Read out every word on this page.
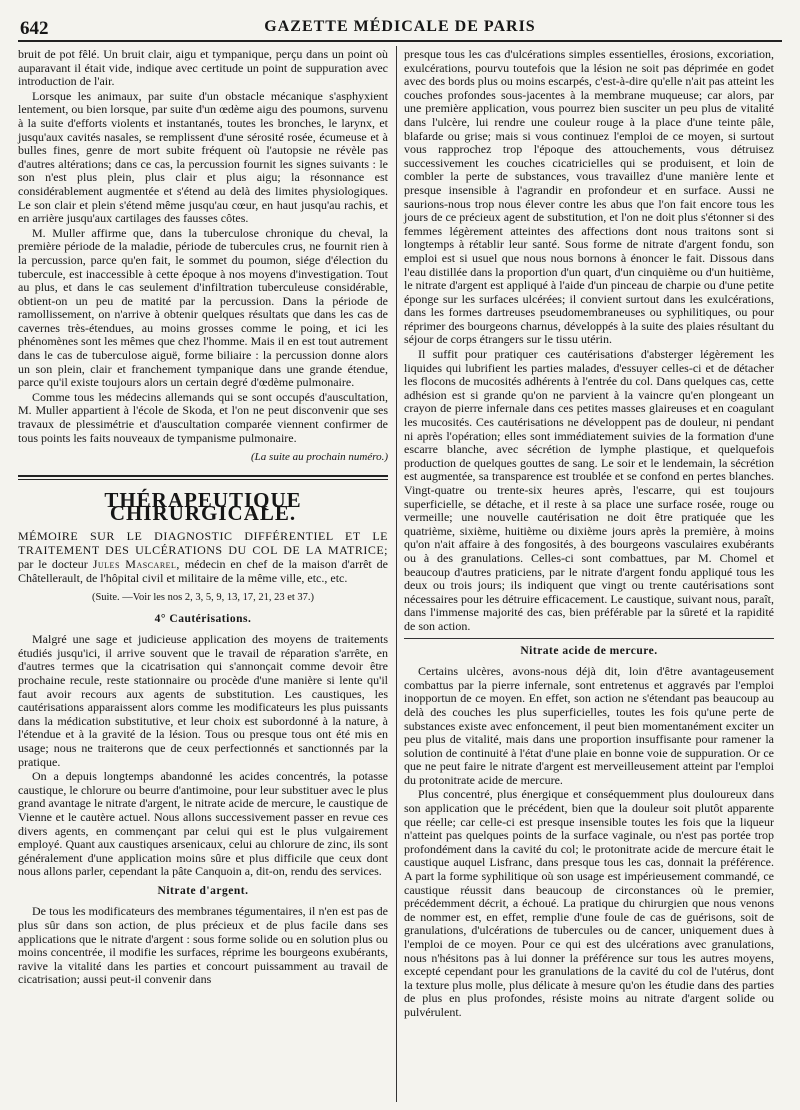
642	GAZETTE MÉDICALE DE PARIS

bruit de pot fêlé. Un bruit clair, aigu et tympanique, perçu dans un point où auparavant il était vide, indique avec certitude un point de suppuration avec introduction de l'air.

Lorsque les animaux, par suite d'un obstacle mécanique s'asphyxient lentement, ou bien lorsque, par suite d'un œdème aigu des poumons, survenu à la suite d'efforts violents et instantanés, toutes les bronches, le larynx, et jusqu'aux cavités nasales, se remplissent d'une sérosité rosée, écumeuse et à bulles fines, genre de mort subite fréquent où l'autopsie ne révèle pas d'autres altérations; dans ce cas, la percussion fournit les signes suivants : le son n'est plus plein, plus clair et plus aigu; la résonnance est considérablement augmentée et s'étend au delà des limites physiologiques. Le son clair et plein s'étend même jusqu'au cœur, en haut jusqu'au rachis, et en arrière jusqu'aux cartilages des fausses côtes.

M. Muller affirme que, dans la tuberculose chronique du cheval, la première période de la maladie, période de tubercules crus, ne fournit rien à la percussion, parce qu'en fait, le sommet du poumon, siége d'élection du tubercule, est inaccessible à cette époque à nos moyens d'investigation. Tout au plus, et dans le cas seulement d'infiltration tuberculeuse considérable, obtient-on un peu de matité par la percussion. Dans la période de ramollissement, on n'arrive à obtenir quelques résultats que dans les cas de cavernes très-étendues, au moins grosses comme le poing, et ici les phénomènes sont les mêmes que chez l'homme. Mais il en est tout autrement dans le cas de tuberculose aiguë, forme biliaire : la percussion donne alors un son plein, clair et franchement tympanique dans une grande étendue, parce qu'il existe toujours alors un certain degré d'œdème pulmonaire.

Comme tous les médecins allemands qui se sont occupés d'auscultation, M. Muller appartient à l'école de Skoda, et l'on ne peut disconvenir que ses travaux de plessimétrie et d'auscultation comparée viennent confirmer de tous points les faits nouveaux de tympanisme pulmonaire.

(La suite au prochain numéro.)
THÉRAPEUTIQUE CHIRURGICALE.

MÉMOIRE SUR LE DIAGNOSTIC DIFFÉRENTIEL ET LE TRAITEMENT DES ULCÉRATIONS DU COL DE LA MATRICE; par le docteur Jules Mascarel, médecin en chef de la maison d'arrêt de Châtellerault, de l'hôpital civil et militaire de la même ville, etc., etc.

(Suite. —Voir les nos 2, 3, 5, 9, 13, 17, 21, 23 et 37.)
4° Cautérisations.

Malgré une sage et judicieuse application des moyens de traitements étudiés jusqu'ici, il arrive souvent que le travail de réparation s'arrête, en d'autres termes que la cicatrisation qui s'annonçait comme devoir être prochaine recule, reste stationnaire ou procède d'une manière si lente qu'il faut avoir recours aux agents de substitution. Les caustiques, les cautérisations apparaissent alors comme les modificateurs les plus puissants dans la médication substitutive, et leur choix est subordonné à la nature, à l'étendue et à la gravité de la lésion. Tous ou presque tous ont été mis en usage; nous ne traiterons que de ceux perfectionnés et sanctionnés par la pratique.

On a depuis longtemps abandonné les acides concentrés, la potasse caustique, le chlorure ou beurre d'antimoine, pour leur substituer avec le plus grand avantage le nitrate d'argent, le nitrate acide de mercure, le caustique de Vienne et le cautère actuel. Nous allons successivement passer en revue ces divers agents, en commençant par celui qui est le plus vulgairement employé. Quant aux caustiques arsenicaux, celui au chlorure de zinc, ils sont généralement d'une application moins sûre et plus difficile que ceux dont nous allons parler, cependant la pâte Canquoin a, dit-on, rendu des services.

Nitrate d'argent.

De tous les modificateurs des membranes tégumentaires, il n'en est pas de plus sûr dans son action, de plus précieux et de plus facile dans ses applications que le nitrate d'argent : sous forme solide ou en solution plus ou moins concentrée, il modifie les surfaces, réprime les bourgeons exubérants, ravive la vitalité dans les parties et concourt puissamment au travail de cicatrisation; aussi peut-il convenir dans

presque tous les cas d'ulcérations simples essentielles, érosions, excoriation, exulcérations, pourvu toutefois que la lésion ne soit pas déprimée en godet avec des bords plus ou moins escarpés, c'est-à-dire qu'elle n'ait pas atteint les couches profondes sous-jacentes à la membrane muqueuse; car alors, par une première application, vous pourrez bien susciter un peu plus de vitalité dans l'ulcère, lui rendre une couleur rouge à la place d'une teinte pâle, blafarde ou grise; mais si vous continuez l'emploi de ce moyen, si surtout vous rapprochez trop l'époque des attouchements, vous détruisez successivement les couches cicatricielles qui se produisent, et loin de combler la perte de substances, vous travaillez d'une manière lente et presque insensible à l'agrandir en profondeur et en surface. Aussi ne saurions-nous trop nous élever contre les abus que l'on fait encore tous les jours de ce précieux agent de substitution, et l'on ne doit plus s'étonner si des femmes légèrement atteintes des affections dont nous traitons sont si longtemps à rétablir leur santé. Sous forme de nitrate d'argent fondu, son emploi est si usuel que nous nous bornons à énoncer le fait. Dissous dans l'eau distillée dans la proportion d'un quart, d'un cinquième ou d'un huitième, le nitrate d'argent est appliqué à l'aide d'un pinceau de charpie ou d'une petite éponge sur les surfaces ulcérées; il convient surtout dans les exulcérations, dans les formes dartreuses pseudomembraneuses ou syphilitiques, ou pour réprimer des bourgeons charnus, développés à la suite des plaies résultant du séjour de corps étrangers sur le tissu utérin.

Il suffit pour pratiquer ces cautérisations d'absterger légèrement les liquides qui lubrifient les parties malades, d'essuyer celles-ci et de détacher les flocons de mucosités adhérents à l'entrée du col. Dans quelques cas, cette adhésion est si grande qu'on ne parvient à la vaincre qu'en plongeant un crayon de pierre infernale dans ces petites masses glaireuses et en coagulant les mucosités. Ces cautérisations ne développent pas de douleur, ni pendant ni après l'opération; elles sont immédiatement suivies de la formation d'une escarre blanche, avec sécrétion de lymphe plastique, et quelquefois production de quelques gouttes de sang. Le soir et le lendemain, la sécrétion est augmentée, sa transparence est troublée et se confond en pertes blanches. Vingt-quatre ou trente-six heures après, l'escarre, qui est toujours superficielle, se détache, et il reste à sa place une surface rosée, rouge ou vermeille; une nouvelle cautérisation ne doit être pratiquée que les quatrième, sixième, huitième ou dixième jours après la première, à moins qu'on n'ait affaire à des fongosités, à des bourgeons vasculaires exubérants ou à des granulations. Celles-ci sont combattues, par M. Chomel et beaucoup d'autres praticiens, par le nitrate d'argent fondu appliqué tous les deux ou trois jours; ils indiquent que vingt ou trente cautérisations sont nécessaires pour les détruire efficacement. Le caustique, suivant nous, paraît, dans l'immense majorité des cas, bien préférable par la sûreté et la rapidité de son action.

Nitrate acide de mercure.

Certains ulcères, avons-nous déjà dit, loin d'être avantageusement combattus par la pierre infernale, sont entretenus et aggravés par l'emploi inopportun de ce moyen. En effet, son action ne s'étendant pas beaucoup au delà des couches les plus superficielles, toutes les fois qu'une perte de substances existe avec enfoncement, il peut bien momentanément exciter un peu plus de vitalité, mais dans une proportion insuffisante pour ramener la solution de continuité à l'état d'une plaie en bonne voie de suppuration. Or ce que ne peut faire le nitrate d'argent est merveilleusement atteint par l'emploi du protonitrate acide de mercure.

Plus concentré, plus énergique et conséquemment plus douloureux dans son application que le précédent, bien que la douleur soit plutôt apparente que réelle; car celle-ci est presque insensible toutes les fois que la liqueur n'atteint pas quelques points de la surface vaginale, ou n'est pas portée trop profondément dans la cavité du col; le protonitrate acide de mercure était le caustique auquel Lisfranc, dans presque tous les cas, donnait la préférence. A part la forme syphilitique où son usage est impérieusement commandé, ce caustique réussit dans beaucoup de circonstances où le premier, précédemment décrit, a échoué. La pratique du chirurgien que nous venons de nommer est, en effet, remplie d'une foule de cas de guérisons, soit de granulations, d'ulcérations de tubercules ou de cancer, uniquement dues à l'emploi de ce moyen. Pour ce qui est des ulcérations avec granulations, nous n'hésitons pas à lui donner la préférence sur tous les autres moyens, excepté cependant pour les granulations de la cavité du col de l'utérus, dont la texture plus molle, plus délicate à mesure qu'on les étudie dans des parties de plus en plus profondes, résiste moins au nitrate d'argent solide ou pulvérulent.
